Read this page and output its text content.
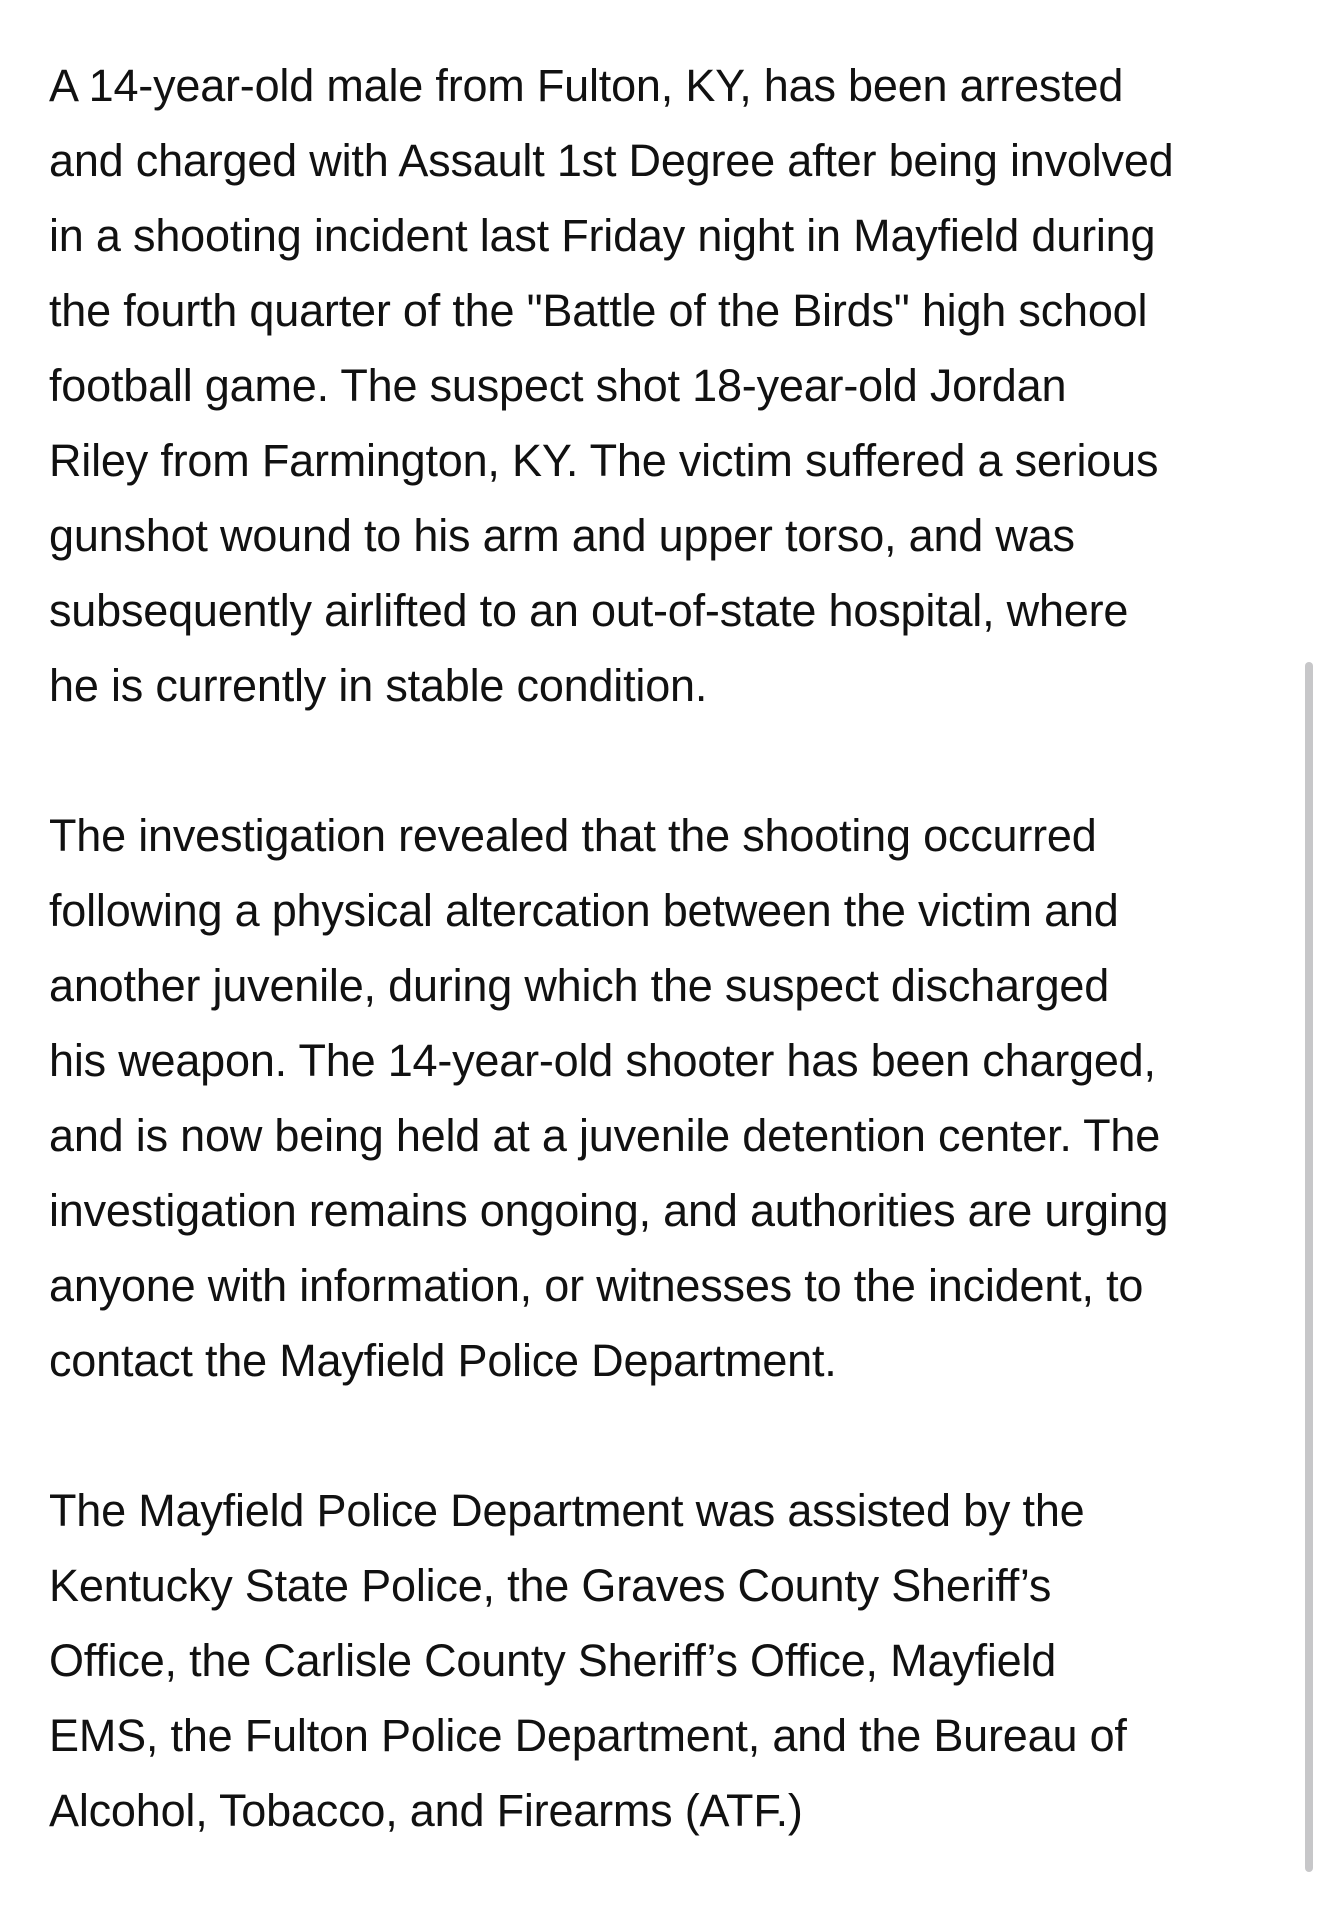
A 14-year-old male from Fulton, KY, has been arrested
and charged with Assault 1st Degree after being involved
in a shooting incident last Friday night in Mayfield during
the fourth quarter of the "Battle of the Birds" high school
football game. The suspect shot 18-year-old Jordan
Riley from Farmington, KY. The victim suffered a serious
gunshot wound to his arm and upper torso, and was
subsequently airlifted to an out-of-state hospital, where
he is currently in stable condition.

The investigation revealed that the shooting occurred
following a physical altercation between the victim and
another juvenile, during which the suspect discharged
his weapon. The 14-year-old shooter has been charged,
and is now being held at a juvenile detention center. The
investigation remains ongoing, and authorities are urging
anyone with information, or witnesses to the incident, to
contact the Mayfield Police Department.

The Mayfield Police Department was assisted by the
Kentucky State Police, the Graves County Sheriff’s
Office, the Carlisle County Sheriff’s Office, Mayfield
EMS, the Fulton Police Department, and the Bureau of
Alcohol, Tobacco, and Firearms (ATF.)
